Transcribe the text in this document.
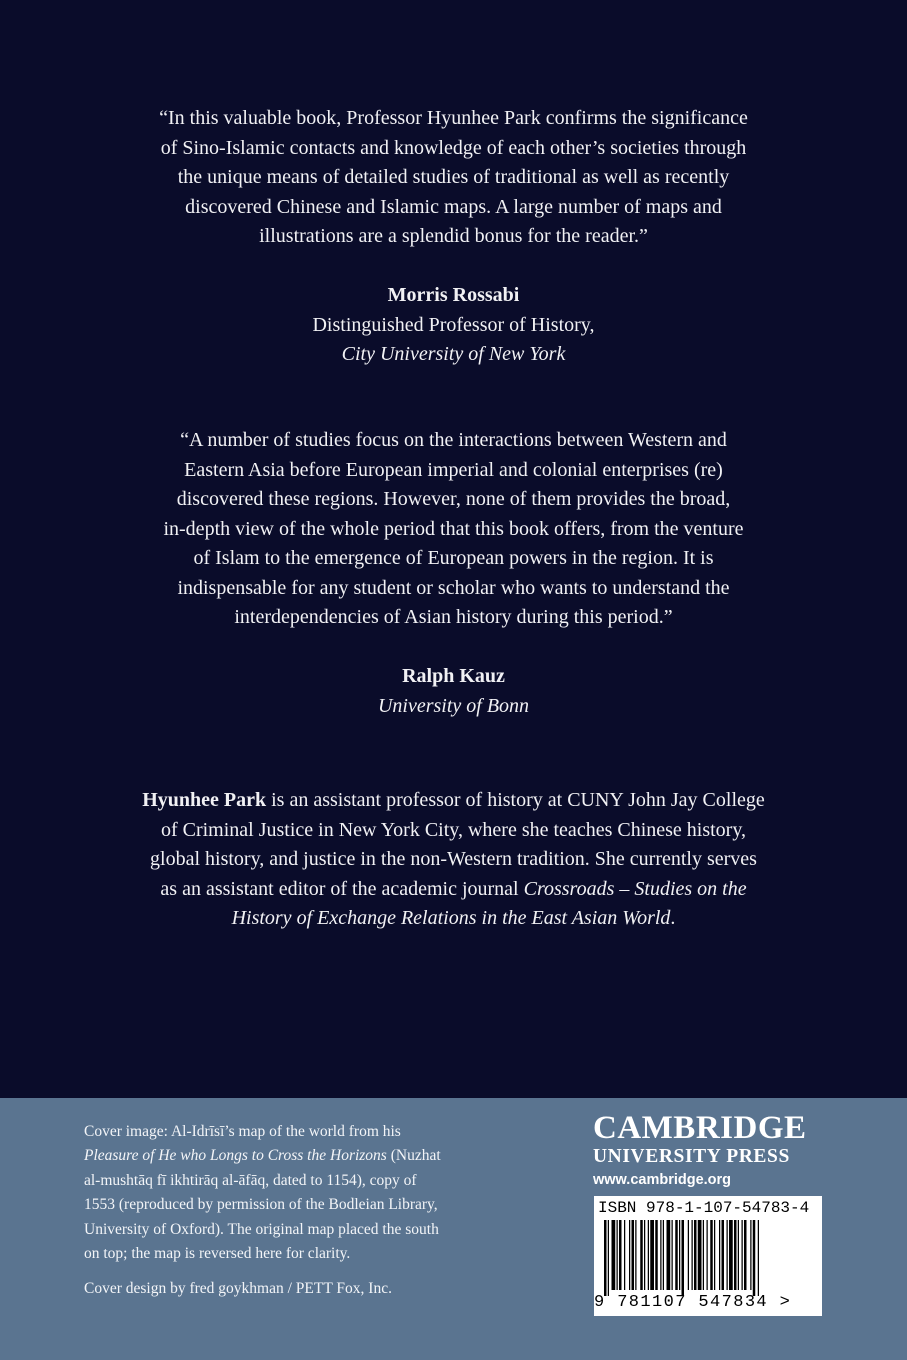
“In this valuable book, Professor Hyunhee Park confirms the significance
of Sino-Islamic contacts and knowledge of each other’s societies through
the unique means of detailed studies of traditional as well as recently
discovered Chinese and Islamic maps. A large number of maps and
illustrations are a splendid bonus for the reader.”
Morris Rossabi
Distinguished Professor of History,
City University of New York
“A number of studies focus on the interactions between Western and
Eastern Asia before European imperial and colonial enterprises (re)
discovered these regions. However, none of them provides the broad,
in-depth view of the whole period that this book offers, from the venture
of Islam to the emergence of European powers in the region. It is
indispensable for any student or scholar who wants to understand the
interdependencies of Asian history during this period.”
Ralph Kauz
University of Bonn
Hyunhee Park is an assistant professor of history at CUNY John Jay College
of Criminal Justice in New York City, where she teaches Chinese history,
global history, and justice in the non-Western tradition. She currently serves
as an assistant editor of the academic journal Crossroads – Studies on the
History of Exchange Relations in the East Asian World.
Cover image: Al-Idrīsī’s map of the world from his
Pleasure of He who Longs to Cross the Horizons (Nuzhat
al-mushtāq fī ikhtirāq al-āfāq, dated to 1154), copy of
1553 (reproduced by permission of the Bodleian Library,
University of Oxford). The original map placed the south
on top; the map is reversed here for clarity.
Cover design by fred goykhman / PETT Fox, Inc.
CAMBRIDGE
UNIVERSITY PRESS
www.cambridge.org
ISBN 978-1-107-54783-4
9 781107 547834 >
